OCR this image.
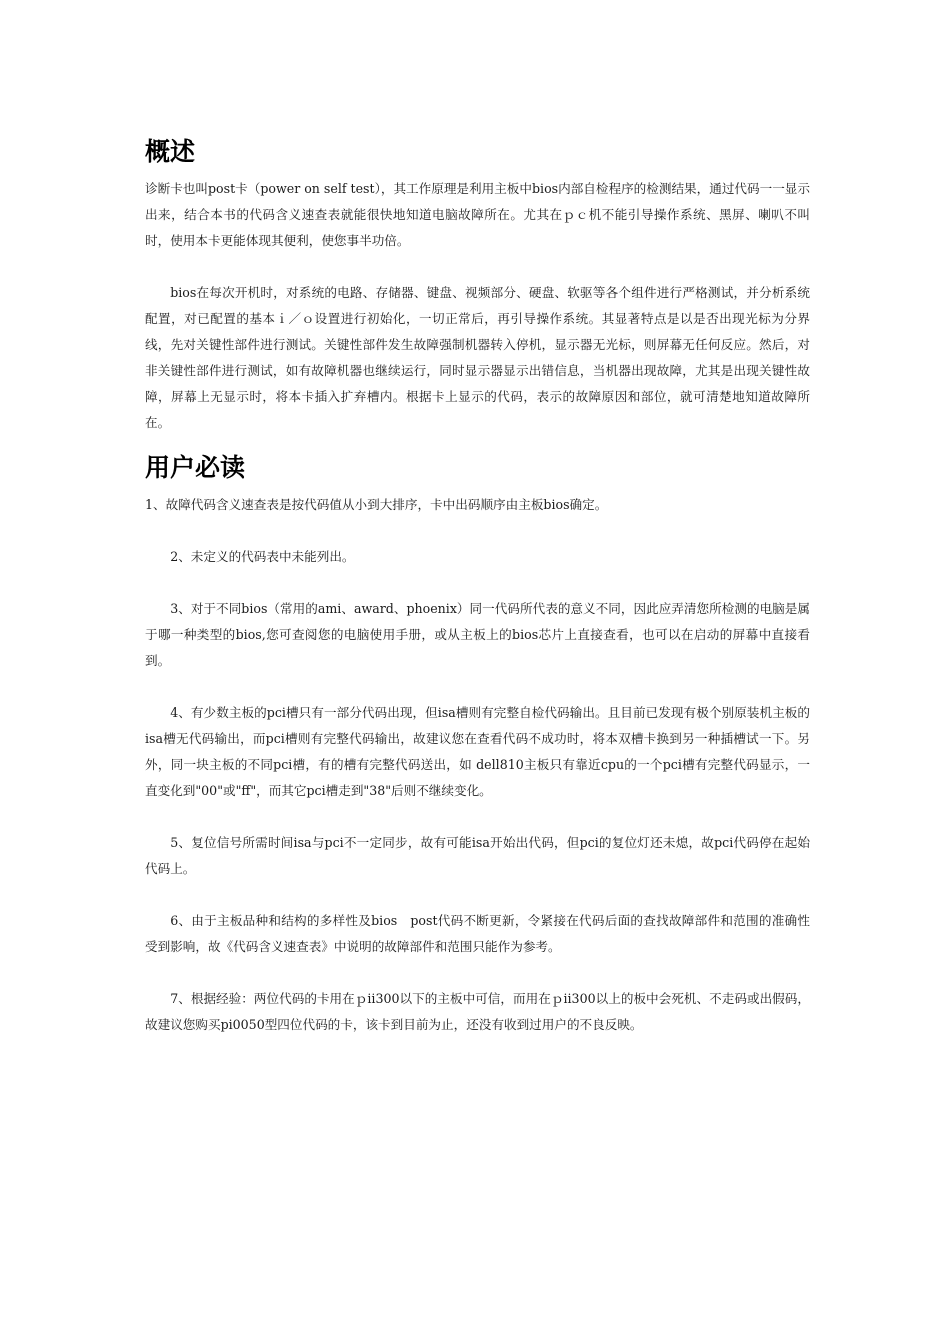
概述

诊断卡也叫post卡（power on self test），其工作原理是利用主板中bios内部自检程序的检测结果，通过代码一一显示出来，结合本书的代码含义速查表就能很快地知道电脑故障所在。尤其在ｐｃ机不能引导操作系统、黑屏、喇叭不叫时，使用本卡更能体现其便利，使您事半功倍。

bios在每次开机时，对系统的电路、存储器、键盘、视频部分、硬盘、软驱等各个组件进行严格测试，并分析系统配置，对已配置的基本ｉ／ｏ设置进行初始化，一切正常后，再引导操作系统。其显著特点是以是否出现光标为分界线，先对关键性部件进行测试。关键性部件发生故障强制机器转入停机，显示器无光标，则屏幕无任何反应。然后，对非关键性部件进行测试，如有故障机器也继续运行，同时显示器显示出错信息，当机器出现故障，尤其是出现关键性故障，屏幕上无显示时，将本卡插入扩弃槽内。根据卡上显示的代码，表示的故障原因和部位，就可清楚地知道故障所在。

用户必读

1、故障代码含义速查表是按代码值从小到大排序，卡中出码顺序由主板bios确定。

2、未定义的代码表中未能列出。

3、对于不同bios（常用的ami、award、phoenix）同一代码所代表的意义不同，因此应弄清您所检测的电脑是属于哪一种类型的bios,您可查阅您的电脑使用手册，或从主板上的bios芯片上直接查看，也可以在启动的屏幕中直接看到。

4、有少数主板的pci槽只有一部分代码出现，但isa槽则有完整自检代码输出。且目前已发现有极个别原装机主板的isa槽无代码输出，而pci槽则有完整代码输出，故建议您在查看代码不成功时，将本双槽卡换到另一种插槽试一下。另外，同一块主板的不同pci槽，有的槽有完整代码送出，如 dell810主板只有靠近cpu的一个pci槽有完整代码显示，一直变化到"00"或"ff"，而其它pci槽走到"38"后则不继续变化。

5、复位信号所需时间isa与pci不一定同步，故有可能isa开始出代码，但pci的复位灯还未熄，故pci代码停在起始代码上。

6、由于主板品种和结构的多样性及bios　post代码不断更新，令紧接在代码后面的查找故障部件和范围的准确性受到影响，故《代码含义速查表》中说明的故障部件和范围只能作为参考。

7、根据经验：两位代码的卡用在ｐⅱ300以下的主板中可信，而用在ｐⅱ300以上的板中会死机、不走码或出假码，故建议您购买pi0050型四位代码的卡，该卡到目前为止，还没有收到过用户的不良反映。
